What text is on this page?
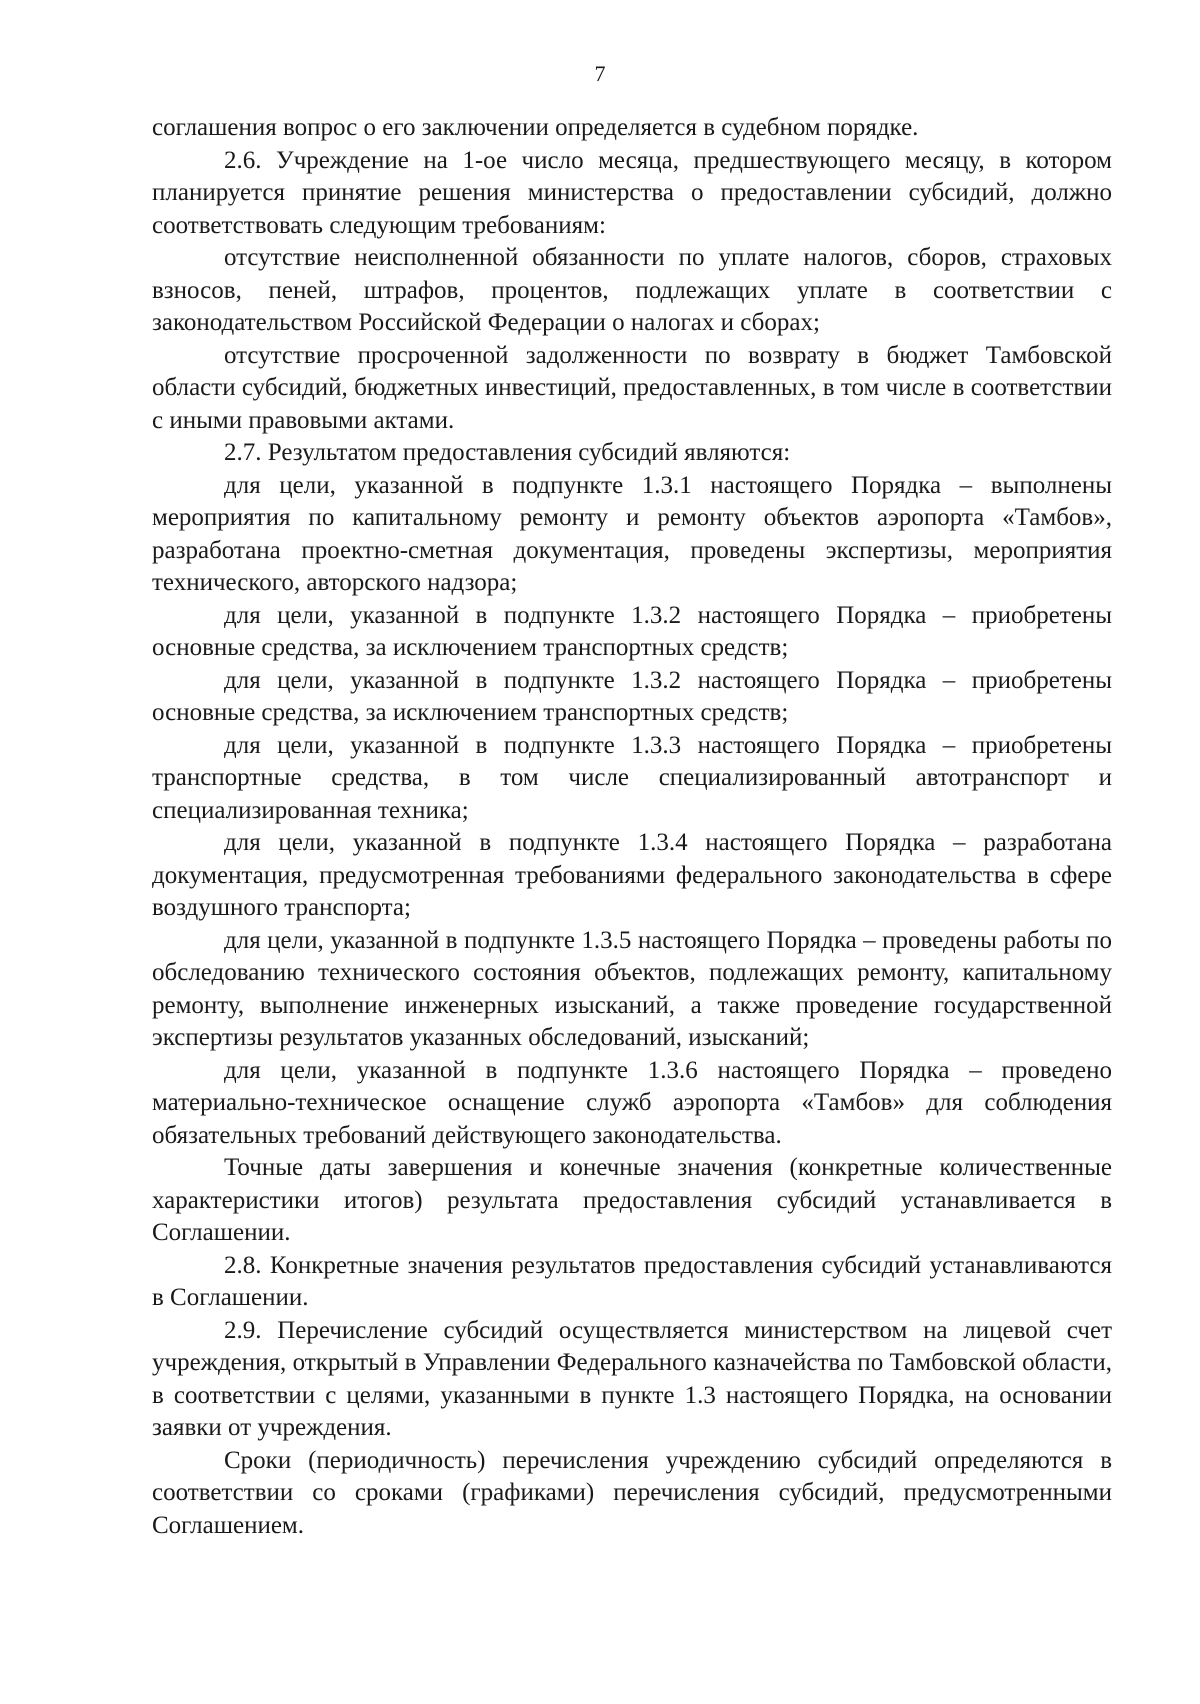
7

соглашения вопрос о его заключении определяется в судебном порядке.

2.6. Учреждение на 1-ое число месяца, предшествующего месяцу, в котором планируется принятие решения министерства о предоставлении субсидий, должно соответствовать следующим требованиям:

отсутствие неисполненной обязанности по уплате налогов, сборов, страховых взносов, пеней, штрафов, процентов, подлежащих уплате в соответствии с законодательством Российской Федерации о налогах и сборах;

отсутствие просроченной задолженности по возврату в бюджет Тамбовской области субсидий, бюджетных инвестиций, предоставленных, в том числе в соответствии с иными правовыми актами.

2.7. Результатом предоставления субсидий являются:

для цели, указанной в подпункте 1.3.1 настоящего Порядка – выполнены мероприятия по капитальному ремонту и ремонту объектов аэропорта «Тамбов», разработана проектно-сметная документация, проведены экспертизы, мероприятия технического, авторского надзора;

для цели, указанной в подпункте 1.3.2 настоящего Порядка – приобретены основные средства, за исключением транспортных средств;

для цели, указанной в подпункте 1.3.2 настоящего Порядка – приобретены основные средства, за исключением транспортных средств;

для цели, указанной в подпункте 1.3.3 настоящего Порядка – приобретены транспортные средства, в том числе специализированный автотранспорт и специализированная техника;

для цели, указанной в подпункте 1.3.4 настоящего Порядка – разработана документация, предусмотренная требованиями федерального законодательства в сфере воздушного транспорта;

для цели, указанной в подпункте 1.3.5 настоящего Порядка – проведены работы по обследованию технического состояния объектов, подлежащих ремонту, капитальному ремонту, выполнение инженерных изысканий, а также проведение государственной экспертизы результатов указанных обследований, изысканий;

для цели, указанной в подпункте 1.3.6 настоящего Порядка – проведено материально-техническое оснащение служб аэропорта «Тамбов» для соблюдения обязательных требований действующего законодательства.

Точные даты завершения и конечные значения (конкретные количественные характеристики итогов) результата предоставления субсидий устанавливается в Соглашении.

2.8. Конкретные значения результатов предоставления субсидий устанавливаются в Соглашении.

2.9. Перечисление субсидий осуществляется министерством на лицевой счет учреждения, открытый в Управлении Федерального казначейства по Тамбовской области, в соответствии с целями, указанными в пункте 1.3 настоящего Порядка, на основании заявки от учреждения.

Сроки (периодичность) перечисления учреждению субсидий определяются в соответствии со сроками (графиками) перечисления субсидий, предусмотренными Соглашением.
